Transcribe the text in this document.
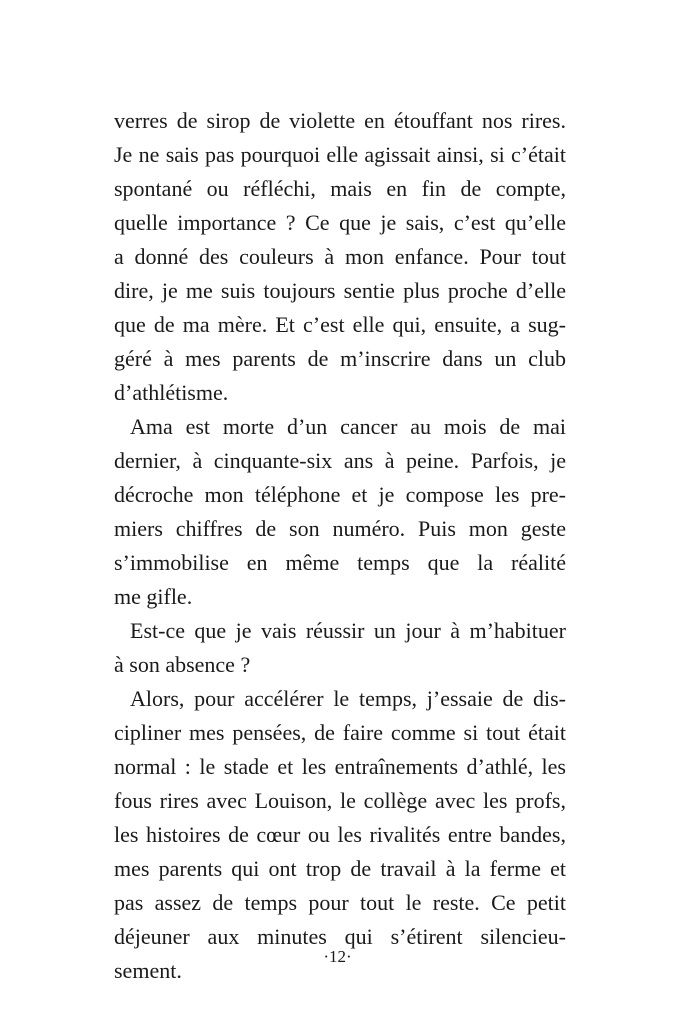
verres de sirop de violette en étouffant nos rires.
Je ne sais pas pourquoi elle agissait ainsi, si c’était
spontané ou réfléchi, mais en fin de compte,
quelle importance ? Ce que je sais, c’est qu’elle
a donné des couleurs à mon enfance. Pour tout
dire, je me suis toujours sentie plus proche d’elle
que de ma mère. Et c’est elle qui, ensuite, a sug-
géré à mes parents de m’inscrire dans un club
d’athlétisme.
Ama est morte d’un cancer au mois de mai
dernier, à cinquante-six ans à peine. Parfois, je
décroche mon téléphone et je compose les pre-
miers chiffres de son numéro. Puis mon geste
s’immobilise en même temps que la réalité
me gifle.
Est-ce que je vais réussir un jour à m’habituer
à son absence ?
Alors, pour accélérer le temps, j’essaie de dis-
cipliner mes pensées, de faire comme si tout était
normal : le stade et les entraînements d’athlé, les
fous rires avec Louison, le collège avec les profs,
les histoires de cœur ou les rivalités entre bandes,
mes parents qui ont trop de travail à la ferme et
pas assez de temps pour tout le reste. Ce petit
déjeuner aux minutes qui s’étirent silencieu-
sement.
·12·
